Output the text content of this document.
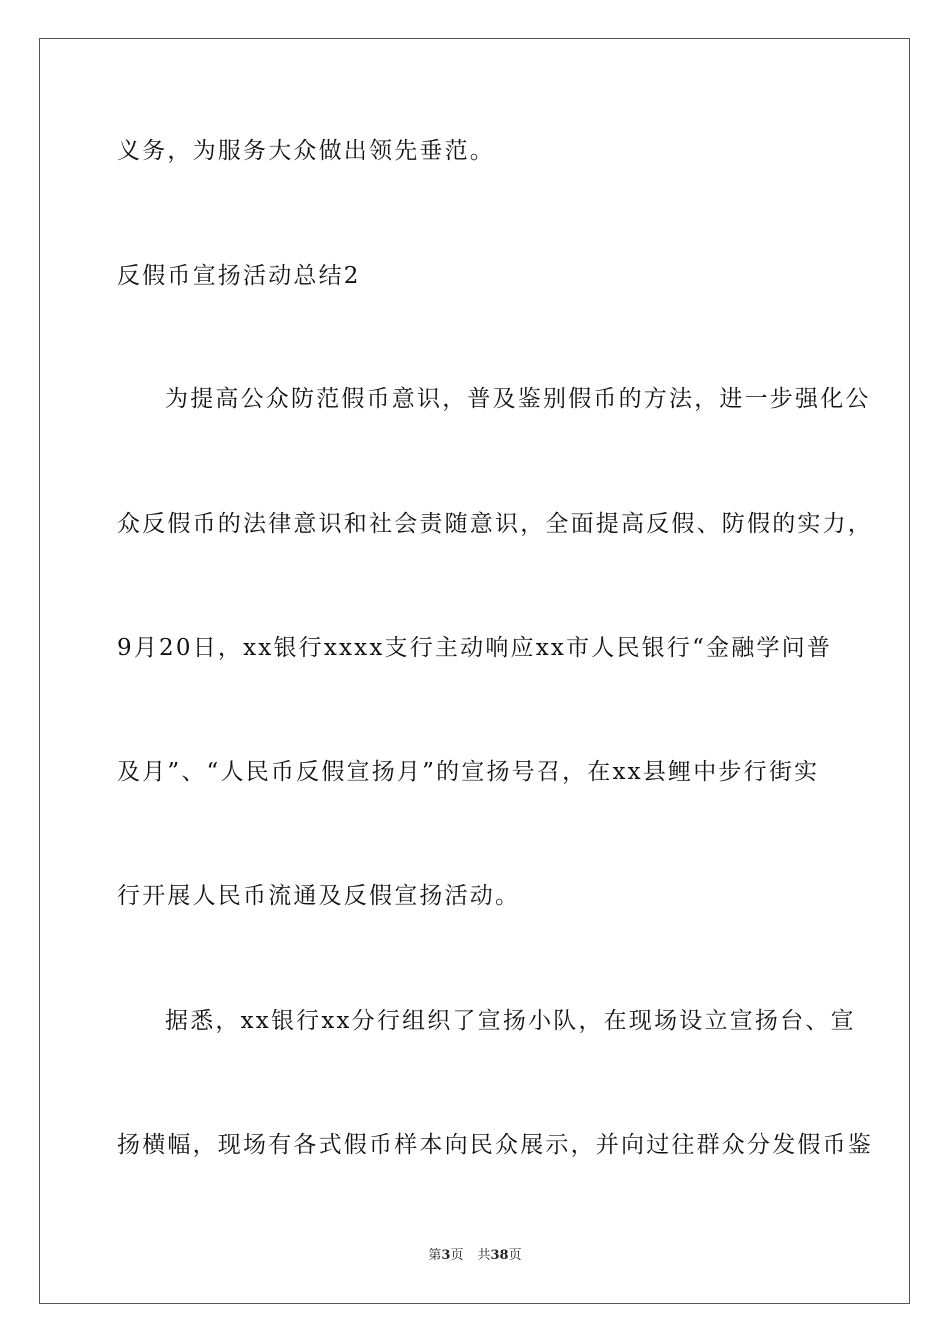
义务，为服务大众做出领先垂范。
反假币宣扬活动总结2
为提高公众防范假币意识，普及鉴别假币的方法，进一步强化公
众反假币的法律意识和社会责随意识，全面提高反假、防假的实力，
9月20日，xx银行xxxx支行主动响应xx市人民银行“金融学问普
及月”、“人民币反假宣扬月”的宣扬号召，在xx县鲤中步行街实
行开展人民币流通及反假宣扬活动。
据悉，xx银行xx分行组织了宣扬小队，在现场设立宣扬台、宣
扬横幅，现场有各式假币样本向民众展示，并向过往群众分发假币鉴
第3页 共38页
